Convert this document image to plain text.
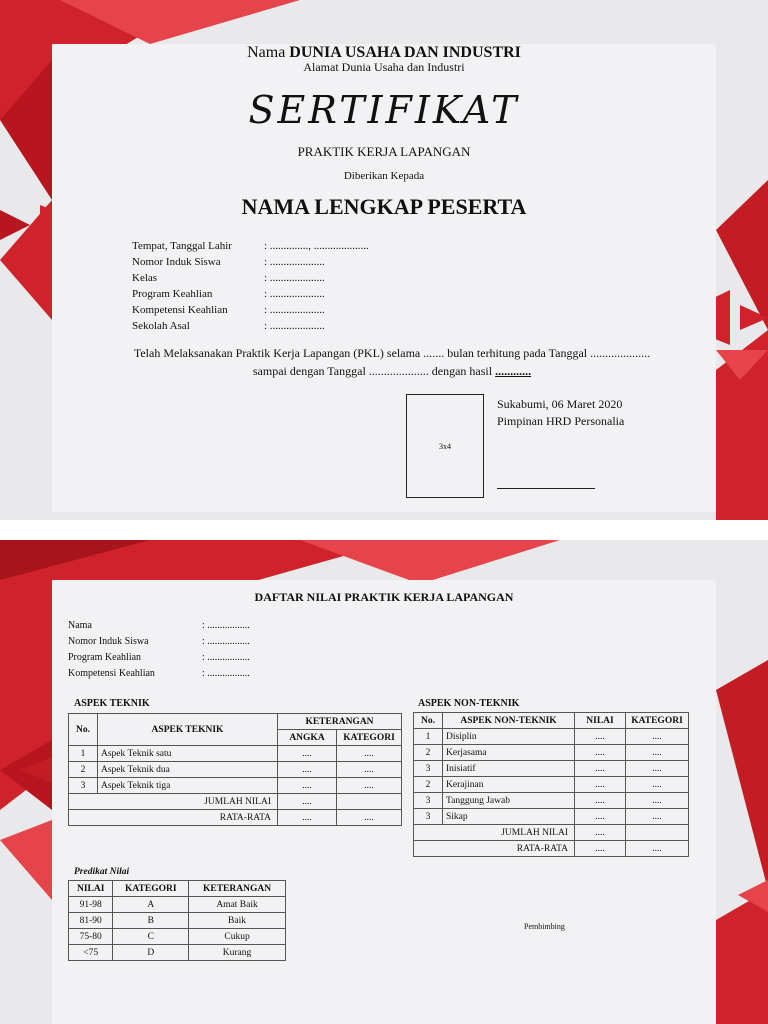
Nama DUNIA USAHA DAN INDUSTRI
Alamat Dunia Usaha dan Industri
SERTIFIKAT
PRAKTIK KERJA LAPANGAN
Diberikan Kepada
NAMA LENGKAP PESERTA
Tempat, Tanggal Lahir	: .............., ....................
Nomor Induk Siswa	: ....................
Kelas	: ....................
Program Keahlian	: ....................
Kompetensi Keahlian	: ....................
Sekolah Asal	: ....................
Telah Melaksanakan Praktik Kerja Lapangan (PKL) selama ....... bulan terhitung pada Tanggal ....................
sampai dengan Tanggal .................... dengan hasil ............
3x4
Sukabumi, 06 Maret 2020
Pimpinan HRD Personalia
DAFTAR NILAI PRAKTIK KERJA LAPANGAN
Nama	: .................
Nomor Induk Siswa	: .................
Program Keahlian	: .................
Kompetensi Keahlian	: .................
ASPEK TEKNIK
No.	ASPEK TEKNIK	KETERANGAN	
		ANGKA	KATEGORI
1	Aspek Teknik satu	....	....
2	Aspek Teknik dua	....	....
3	Aspek Teknik tiga	....	....
JUMLAH NILAI		....	
RATA-RATA		....	....
ASPEK NON-TEKNIK
No.	ASPEK NON-TEKNIK	NILAI	KATEGORI
1	Disiplin	....	....
2	Kerjasama	....	....
3	Inisiatif	....	....
2	Kerajinan	....	....
3	Tanggung Jawab	....	....
3	Sikap	....	....
JUMLAH NILAI		....	
RATA-RATA		....	....
Predikat Nilai
NILAI	KATEGORI	KETERANGAN
91-98	A	Amat Baik
81-90	B	Baik
75-80	C	Cukup
<75	D	Kurang
Pembimbing
